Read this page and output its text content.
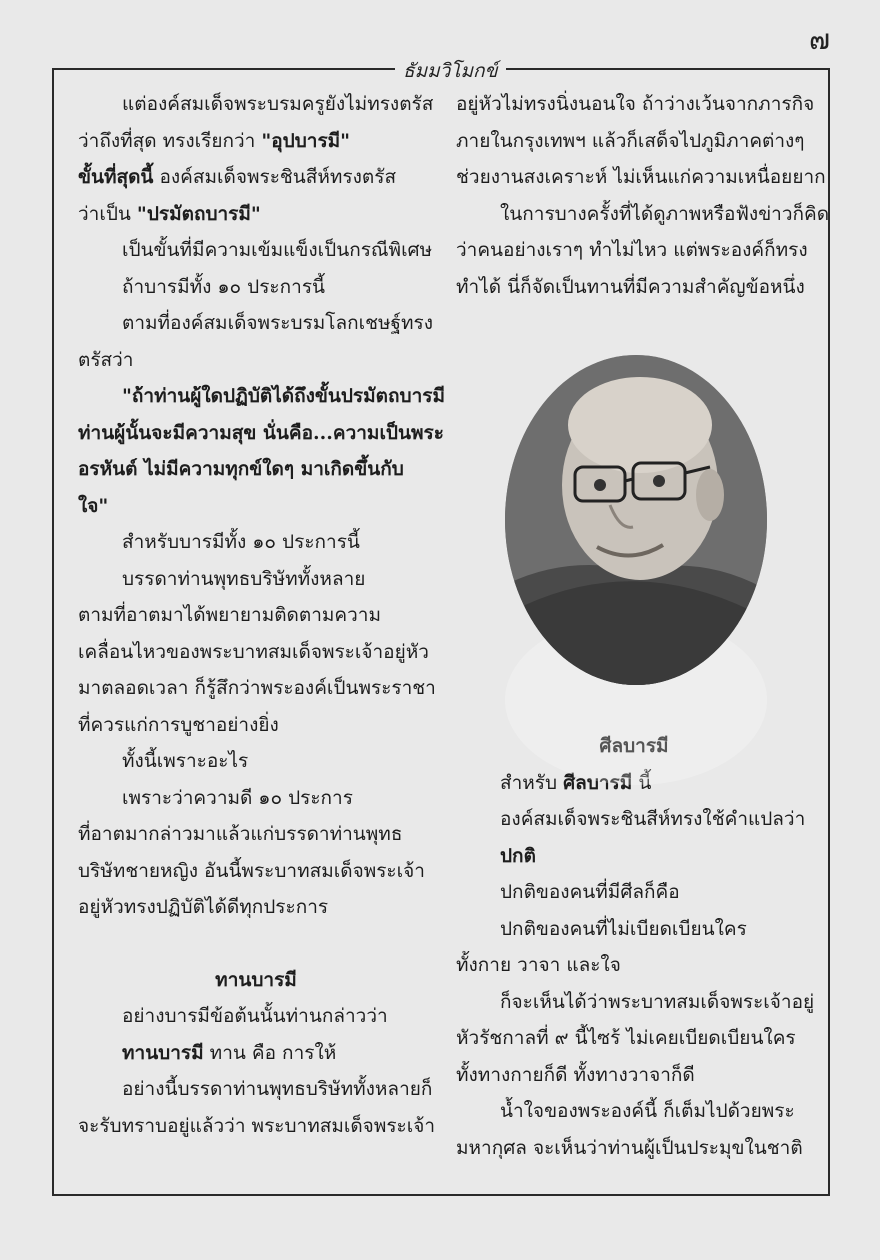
๗
ธัมมวิโมกข์

แต่องค์สมเด็จพระบรมครูยังไม่ทรงตรัส

ว่าถึงที่สุด ทรงเรียกว่า "อุปบารมี"

ขั้นที่สุดนี้ องค์สมเด็จพระชินสีห์ทรงตรัส

ว่าเป็น "ปรมัตถบารมี"

เป็นขั้นที่มีความเข้มแข็งเป็นกรณีพิเศษ

ถ้าบารมีทั้ง ๑๐ ประการนี้

ตามที่องค์สมเด็จพระบรมโลกเชษฐ์ทรง

ตรัสว่า

"ถ้าท่านผู้ใดปฏิบัติได้ถึงขั้นปรมัตถบารมี

ท่านผู้นั้นจะมีความสุข นั่นคือ...ความเป็นพระ

อรหันต์ ไม่มีความทุกข์ใดๆ มาเกิดขึ้นกับ

ใจ"

สำหรับบารมีทั้ง ๑๐ ประการนี้

บรรดาท่านพุทธบริษัททั้งหลาย

ตามที่อาตมาได้พยายามติดตามความ

เคลื่อนไหวของพระบาทสมเด็จพระเจ้าอยู่หัว

มาตลอดเวลา ก็รู้สึกว่าพระองค์เป็นพระราชา

ที่ควรแก่การบูชาอย่างยิ่ง

ทั้งนี้เพราะอะไร

เพราะว่าความดี ๑๐ ประการ

ที่อาตมากล่าวมาแล้วแก่บรรดาท่านพุทธ

บริษัทชายหญิง อันนี้พระบาทสมเด็จพระเจ้า

อยู่หัวทรงปฏิบัติได้ดีทุกประการ

ทานบารมี

อย่างบารมีข้อต้นนั้นท่านกล่าวว่า

ทานบารมี ทาน คือ การให้

อย่างนี้บรรดาท่านพุทธบริษัททั้งหลายก็

จะรับทราบอยู่แล้วว่า พระบาทสมเด็จพระเจ้า

อยู่หัวไม่ทรงนิ่งนอนใจ ถ้าว่างเว้นจากภารกิจ

ภายในกรุงเทพฯ แล้วก็เสด็จไปภูมิภาคต่างๆ

ช่วยงานสงเคราะห์ ไม่เห็นแก่ความเหนื่อยยาก

ในการบางครั้งที่ได้ดูภาพหรือฟังข่าวก็คิด

ว่าคนอย่างเราๆ ทำไม่ไหว แต่พระองค์ก็ทรง

ทำได้ นี่ก็จัดเป็นทานที่มีความสำคัญข้อหนึ่ง

ศีลบารมี

สำหรับ ศีลบารมี นี้

องค์สมเด็จพระชินสีห์ทรงใช้คำแปลว่า

ปกติ

ปกติของคนที่มีศีลก็คือ

ปกติของคนที่ไม่เบียดเบียนใคร

ทั้งกาย วาจา และใจ

ก็จะเห็นได้ว่าพระบาทสมเด็จพระเจ้าอยู่

หัวรัชกาลที่ ๙ นี้ไซร้ ไม่เคยเบียดเบียนใคร

ทั้งทางกายก็ดี ทั้งทางวาจาก็ดี

น้ำใจของพระองค์นี้ ก็เต็มไปด้วยพระ

มหากุศล จะเห็นว่าท่านผู้เป็นประมุขในชาติ
